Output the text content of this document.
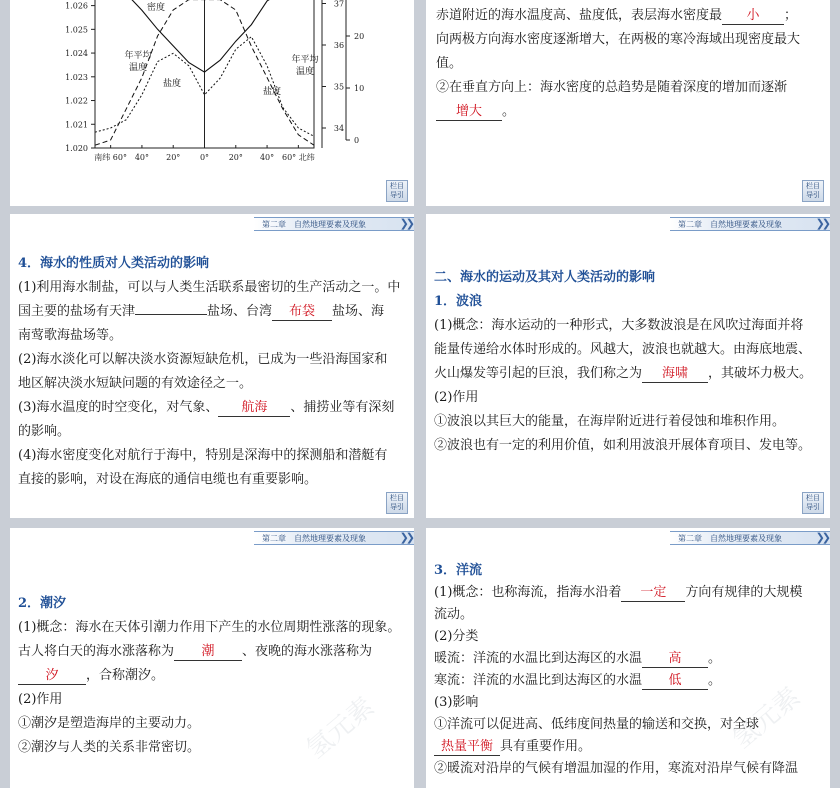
1.026
1.025
1.024
1.023
1.022
1.021
1.020
37
36
35
34
20
10
0
南纬 60° 40° 20° 0° 20° 40° 60° 北纬
密度
年平均
温度
盐度
盐度
年平均
温度
栏目
导引
赤道附近的海水温度高、盐度低，表层海水密度最 小 ；
向两极方向海水密度逐渐增大，在两极的寒冷海域出现密度最大
值。
②在垂直方向上：海水密度的总趋势是随着深度的增加而逐渐
增大 。
栏目
导引
第二章　自然地理要素及现象	❯❯
4．海水的性质对人类活动的影响
(1)利用海水制盐，可以与人类生活联系最密切的生产活动之一。中
国主要的盐场有天津	盐场、台湾 布袋 盐场、海
南莺歌海盐场等。
(2)海水淡化可以解决淡水资源短缺危机，已成为一些沿海国家和
地区解决淡水短缺问题的有效途径之一。
(3)海水温度的时空变化，对气象、 航海 、捕捞业等有深刻
的影响。
(4)海水密度变化对航行于海中，特别是深海中的探测船和潜艇有
直接的影响，对设在海底的通信电缆也有重要影响。
栏目
导引
第二章　自然地理要素及现象	❯❯
二、海水的运动及其对人类活动的影响
1．波浪
(1)概念：海水运动的一种形式，大多数波浪是在风吹过海面并将
能量传递给水体时形成的。风越大，波浪也就越大。由海底地震、
火山爆发等引起的巨浪，我们称之为 海啸 ，其破坏力极大。
(2)作用
①波浪以其巨大的能量，在海岸附近进行着侵蚀和堆积作用。
②波浪也有一定的利用价值，如利用波浪开展体育项目、发电等。
栏目
导引
第二章　自然地理要素及现象	❯❯
氢元素
2．潮汐
(1)概念：海水在天体引潮力作用下产生的水位周期性涨落的现象。
古人将白天的海水涨落称为 潮 、夜晚的海水涨落称为
汐 ，合称潮汐。
(2)作用
①潮汐是塑造海岸的主要动力。
②潮汐与人类的关系非常密切。
第二章　自然地理要素及现象	❯❯
氢元素
3．洋流
(1)概念：也称海流，指海水沿着 一定 方向有规律的大规模
流动。
(2)分类
暖流：洋流的水温比到达海区的水温 高 。
寒流：洋流的水温比到达海区的水温 低 。
(3)影响
①洋流可以促进高、低纬度间热量的输送和交换，对全球
热量平衡 具有重要作用。
②暖流对沿岸的气候有增温加湿的作用，寒流对沿岸气候有降温
